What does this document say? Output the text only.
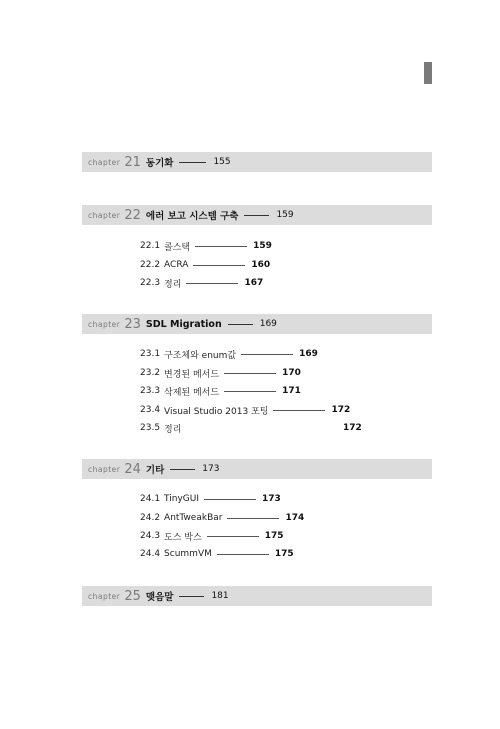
chapter 21 동기화	155
chapter 22 에러 보고 시스템 구축	159
22.1 콜스택	159
22.2 ACRA	160
22.3 정리	167
chapter 23 SDL Migration	169
23.1 구조체와 enum값	169
23.2 변경된 메서드	170
23.3 삭제된 메서드	171
23.4 Visual Studio 2013 포팅	172
23.5 정리	172
chapter 24 기타	173
24.1 TinyGUI	173
24.2 AntTweakBar	174
24.3 도스 박스	175
24.4 ScummVM	175
chapter 25 맺음말	181
